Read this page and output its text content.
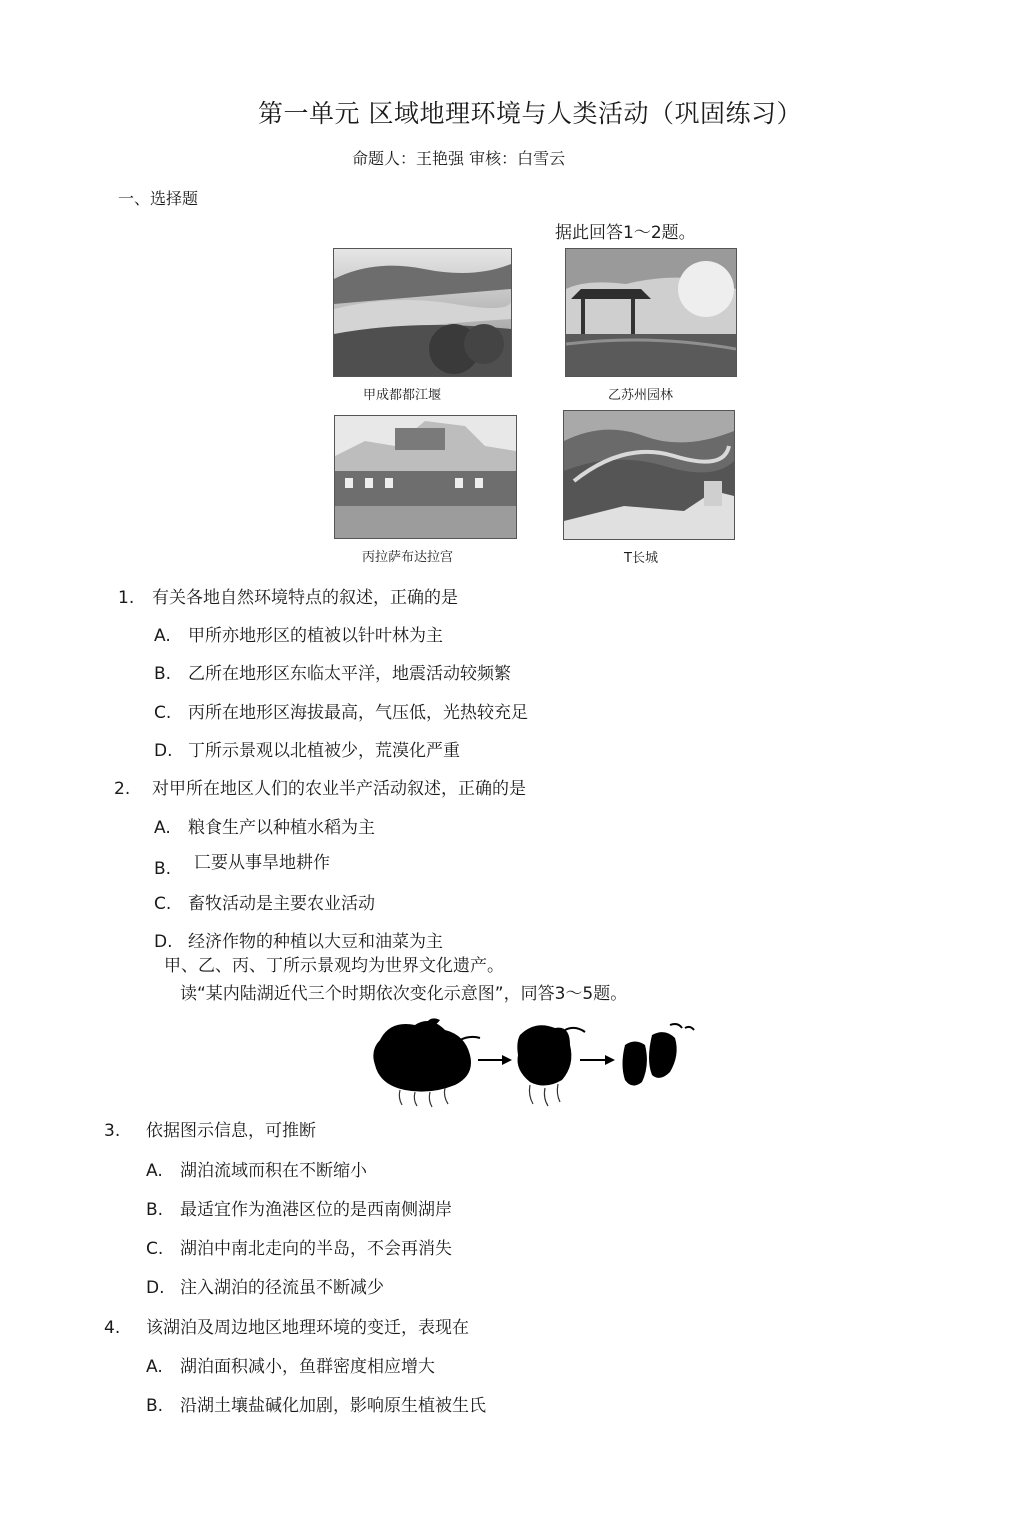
第一单元 区域地理环境与人类活动（巩固练习）
命题人：王艳强 审核：白雪云
一、选择题
据此回答1～2题。
甲成都都江堰	乙苏州园林
丙拉萨布达拉宫	T长城
1. 有关各地自然环境特点的叙述，正确的是
A. 甲所亦地形区的植被以针叶林为主
B. 乙所在地形区东临太平洋，地震活动较频繁
C. 丙所在地形区海拔最高，气压低，光热较充足
D. 丁所示景观以北植被少，荒漠化严重
2. 对甲所在地区人们的农业半产活动叙述，正确的是
A. 粮食生产以种植水稻为主
B. 匸要从事旱地耕作
C. 畜牧活动是主要农业活动
D. 经济作物的种植以大豆和油菜为主
甲、乙、丙、丁所示景观均为世界文化遗产。
读“某内陆湖近代三个时期依次变化示意图”，同答3～5题。
3. 依据图示信息，可推断
A. 湖泊流域而积在不断缩小
B. 最适宜作为渔港区位的是西南侧湖岸
C. 湖泊中南北走向的半岛，不会再消失
D. 注入湖泊的径流虽不断减少
4. 该湖泊及周边地区地理环境的变迁，表现在
A. 湖泊面积减小，鱼群密度相应增大
B. 沿湖土壤盐碱化加剧，影响原生植被生氏
